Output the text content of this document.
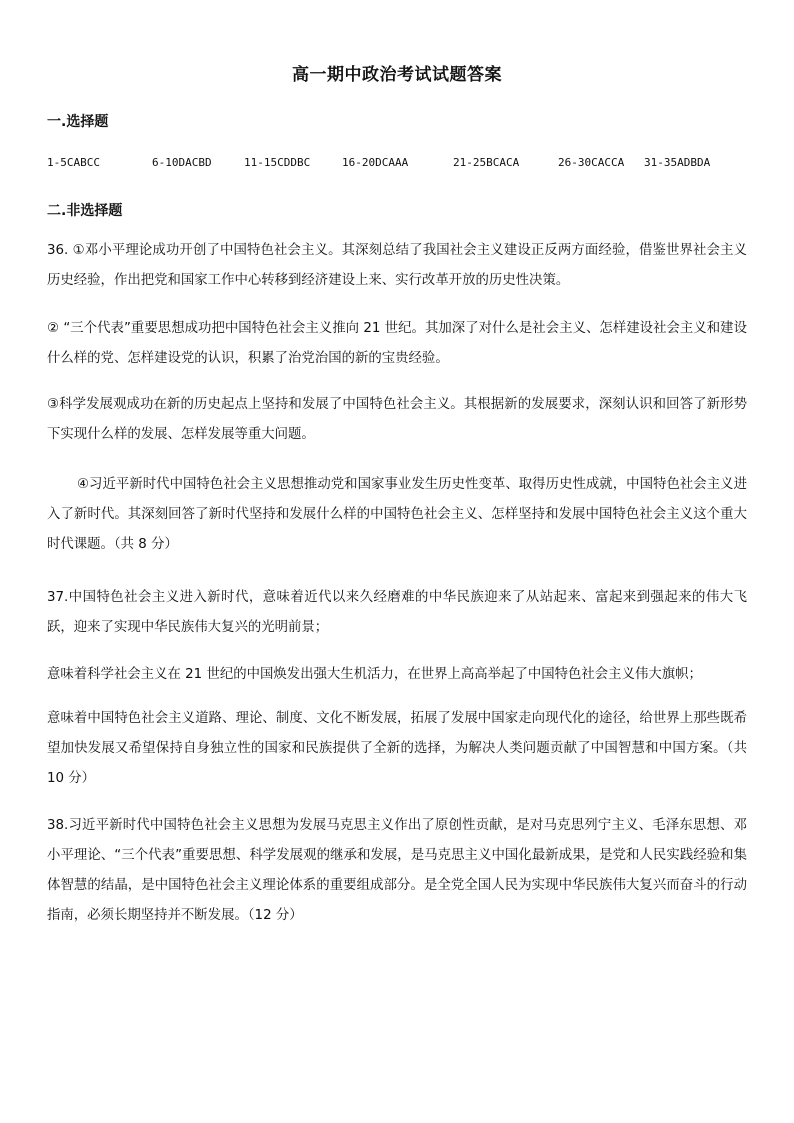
高一期中政治考试试题答案
一.选择题
1-5CABCC	6-10DACBD	11-15CDDBC	16-20DCAAA	21-25BCACA	26-30CACCA 31-35ADBDA
二.非选择题

36. ①邓小平理论成功开创了中国特色社会主义。其深刻总结了我国社会主义建设正反两方面经验，借鉴世界社会主义历史经验，作出把党和国家工作中心转移到经济建设上来、实行改革开放的历史性决策。

② “三个代表”重要思想成功把中国特色社会主义推向 21 世纪。其加深了对什么是社会主义、怎样建设社会主义和建设什么样的党、怎样建设党的认识，积累了治党治国的新的宝贵经验。

③科学发展观成功在新的历史起点上坚持和发展了中国特色社会主义。其根据新的发展要求，深刻认识和回答了新形势下实现什么样的发展、怎样发展等重大问题。

④习近平新时代中国特色社会主义思想推动党和国家事业发生历史性变革、取得历史性成就，中国特色社会主义进入了新时代。其深刻回答了新时代坚持和发展什么样的中国特色社会主义、怎样坚持和发展中国特色社会主义这个重大时代课题。（共 8 分）

37.中国特色社会主义进入新时代，意味着近代以来久经磨难的中华民族迎来了从站起来、富起来到强起来的伟大飞跃，迎来了实现中华民族伟大复兴的光明前景；

意味着科学社会主义在 21 世纪的中国焕发出强大生机活力，在世界上高高举起了中国特色社会主义伟大旗帜；

意味着中国特色社会主义道路、理论、制度、文化不断发展，拓展了发展中国家走向现代化的途径，给世界上那些既希望加快发展又希望保持自身独立性的国家和民族提供了全新的选择，为解决人类问题贡献了中国智慧和中国方案。（共 10 分）

38.习近平新时代中国特色社会主义思想为发展马克思主义作出了原创性贡献，是对马克思列宁主义、毛泽东思想、邓小平理论、“三个代表”重要思想、科学发展观的继承和发展，是马克思主义中国化最新成果，是党和人民实践经验和集体智慧的结晶，是中国特色社会主义理论体系的重要组成部分。是全党全国人民为实现中华民族伟大复兴而奋斗的行动指南，必须长期坚持并不断发展。（12 分）
